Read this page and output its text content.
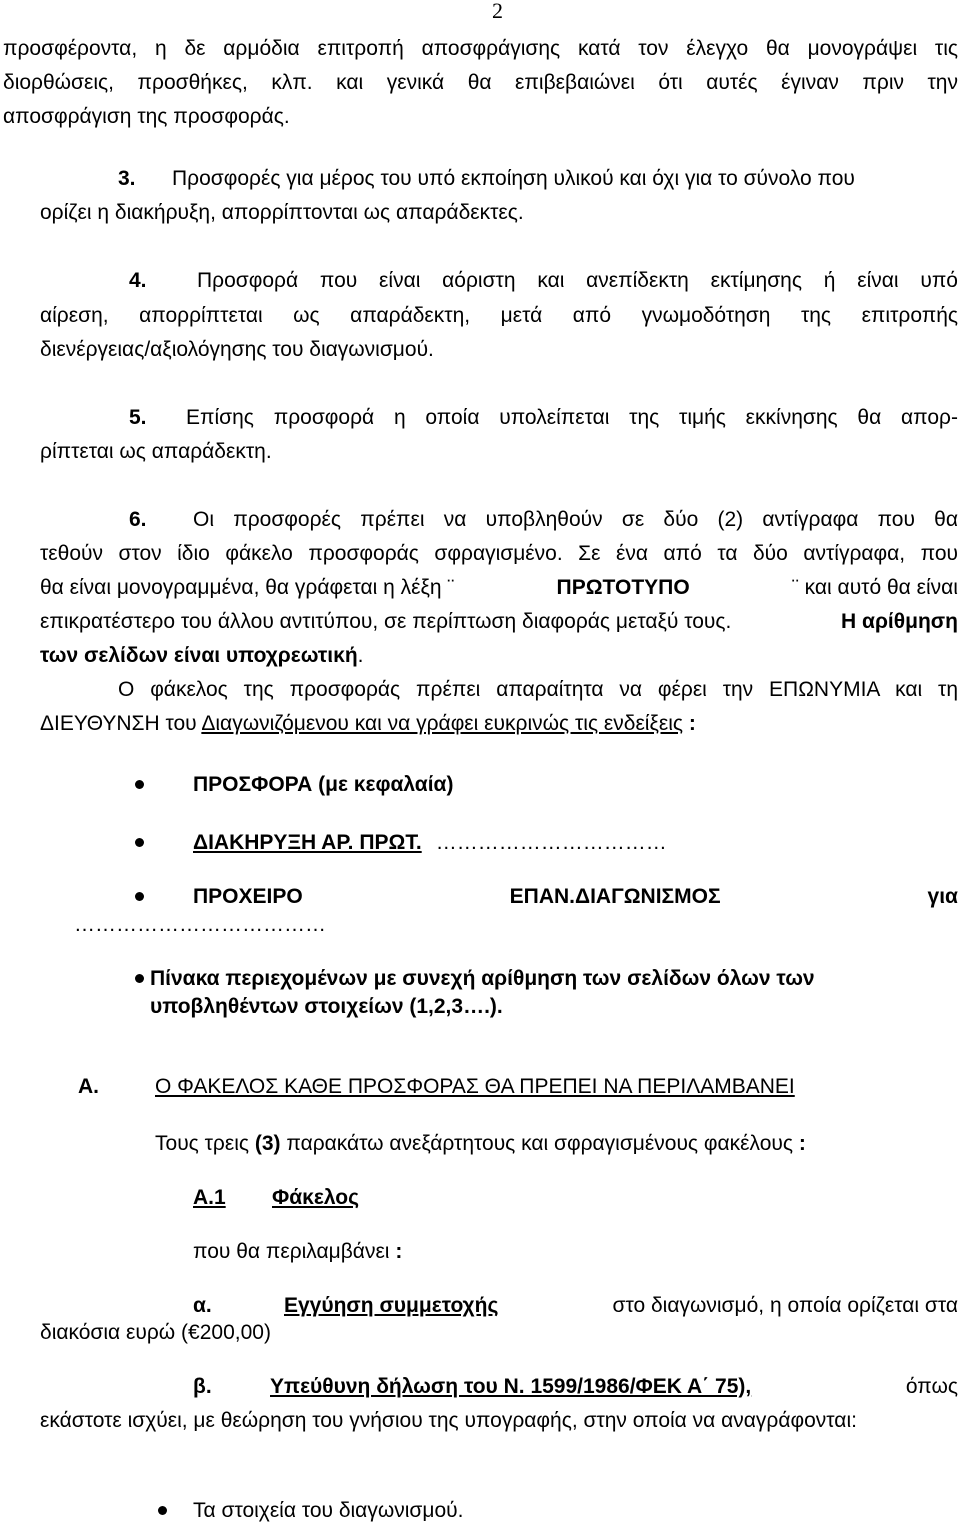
2
προσφέροντα, η δε αρμόδια επιτροπή αποσφράγισης κατά τον έλεγχο θα μονογράψει τις
διορθώσεις, προσθήκες, κλπ. και γενικά θα επιβεβαιώνει ότι αυτές έγιναν πριν την
αποσφράγιση της προσφοράς.
3. Προσφορές για μέρος του υπό εκποίηση υλικού και όχι για το σύνολο που
ορίζει η διακήρυξη, απορρίπτονται ως απαράδεκτες.
4. Προσφορά που είναι αόριστη και ανεπίδεκτη εκτίμησης ή είναι υπό
αίρεση, απορρίπτεται ως απαράδεκτη, μετά από γνωμοδότηση της επιτροπής
διενέργειας/αξιολόγησης του διαγωνισμού.
5. Επίσης προσφορά η οποία υπολείπεται της τιμής εκκίνησης θα απορ-
ρίπτεται ως απαράδεκτη.
6. Οι προσφορές πρέπει να υποβληθούν σε δύο (2) αντίγραφα που θα
τεθούν στον ίδιο φάκελο προσφοράς σφραγισμένο. Σε ένα από τα δύο αντίγραφα, που
θα είναι μονογραμμένα, θα γράφεται η λέξη ¨	ΠΡΩΤΟΤΥΠΟ	¨ και αυτό θα είναι
επικρατέστερο του άλλου αντιτύπου, σε περίπτωση διαφοράς μεταξύ τους.	Η αρίθμηση
των σελίδων είναι υποχρεωτική.
Ο φάκελος της προσφοράς πρέπει απαραίτητα να φέρει την ΕΠΩΝΥΜΙΑ και τη
ΔΙΕΥΘΥΝΣΗ του Διαγωνιζόμενου και να γράφει ευκρινώς τις ενδείξεις :
ΠΡΟΣΦΟΡΑ (με κεφαλαία)
ΔΙΑΚΗΡΥΞΗ ΑΡ. ΠΡΩΤ. ……………………………
ΠΡΟΧΕΙΡΟ	ΕΠΑΝ.ΔΙΑΓΩΝΙΣΜΟΣ	για
………………………………
Πίνακα περιεχομένων με συνεχή αρίθμηση των σελίδων όλων των
υποβληθέντων στοιχείων (1,2,3….).
A.	Ο ΦΑΚΕΛΟΣ ΚΑΘΕ ΠΡΟΣΦΟΡΑΣ ΘΑ ΠΡΕΠΕΙ ΝΑ ΠΕΡΙΛΑΜΒΑΝΕΙ
Τους τρεις (3) παρακάτω ανεξάρτητους και σφραγισμένους φακέλους :
Α.1 Φάκελος
που θα περιλαμβάνει :
α.	Εγγύηση συμμετοχής	στο διαγωνισμό, η οποία ορίζεται στα
διακόσια ευρώ (€200,00)
β.	Υπεύθυνη δήλωση του Ν. 1599/1986/ΦΕΚ Α΄ 75),	όπως
εκάστοτε ισχύει, με θεώρηση του γνήσιου της υπογραφής, στην οποία να αναγράφονται:
Τα στοιχεία του διαγωνισμού.
